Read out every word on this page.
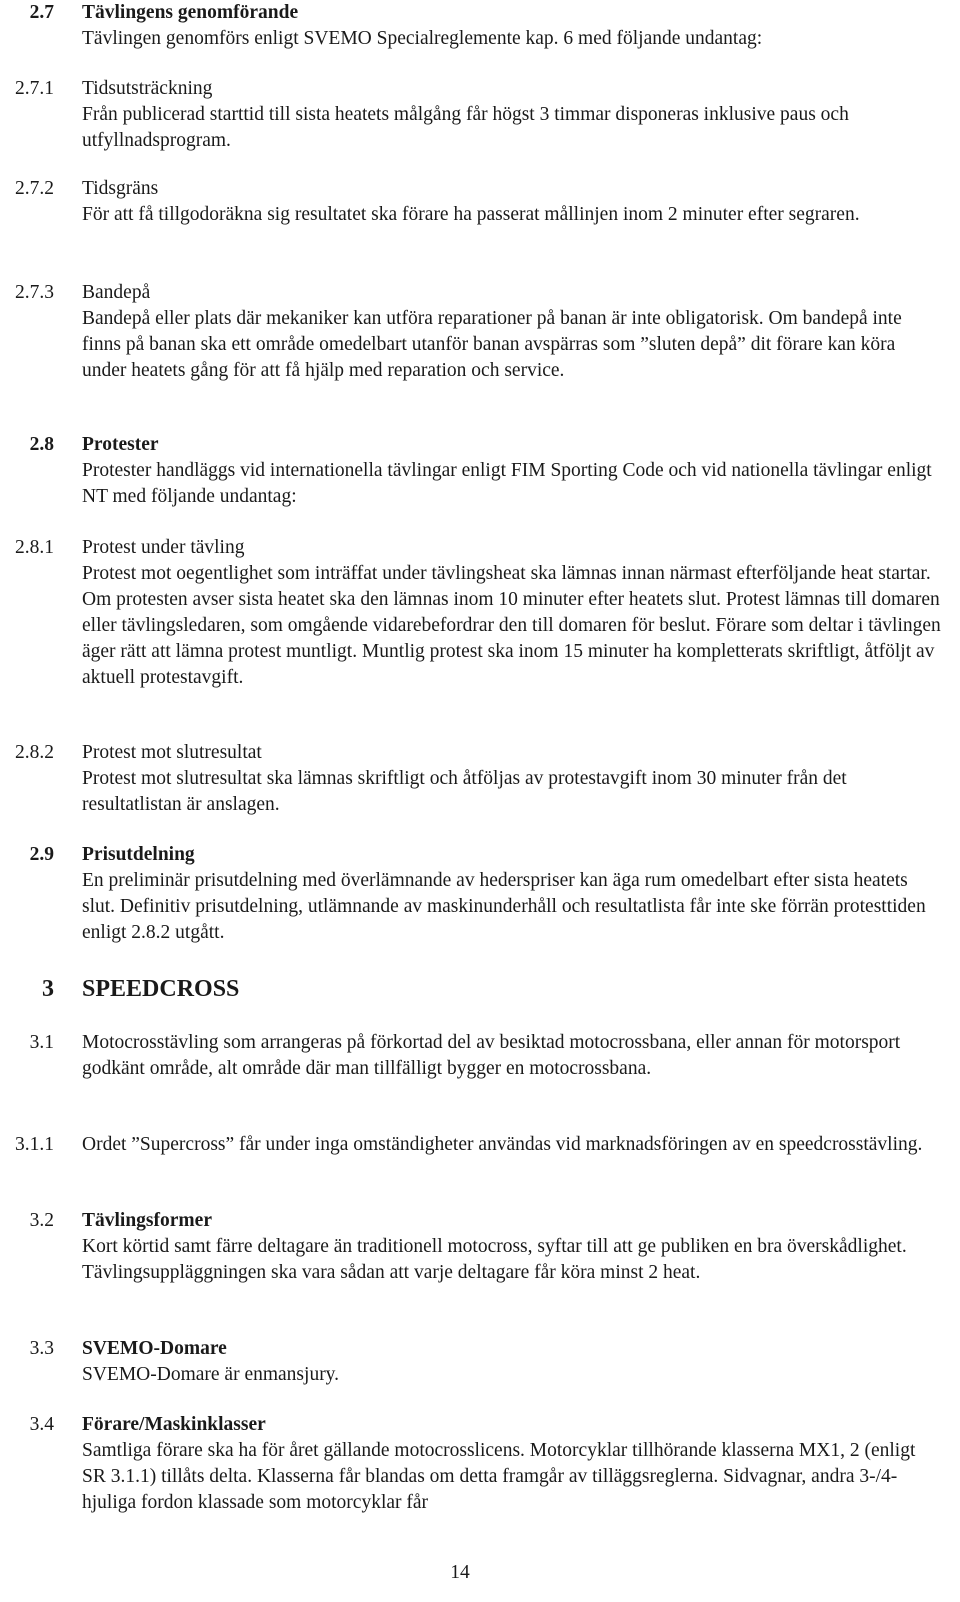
2.7 Tävlingens genomförande
Tävlingen genomförs enligt SVEMO Specialreglemente kap. 6 med följande undantag:
2.7.1 Tidsutsträckning
Från publicerad starttid till sista heatets målgång får högst 3 timmar disponeras inklusive paus och utfyllnadsprogram.
2.7.2 Tidsgräns
För att få tillgodoräkna sig resultatet ska förare ha passerat mållinjen inom 2 minuter efter segraren.
2.7.3 Bandepå
Bandepå eller plats där mekaniker kan utföra reparationer på banan är inte obligatorisk. Om bandepå inte finns på banan ska ett område omedelbart utanför banan avspärras som ”sluten depå” dit förare kan köra under heatets gång för att få hjälp med reparation och service.
2.8 Protester
Protester handläggs vid internationella tävlingar enligt FIM Sporting Code och vid nationella tävlingar enligt NT med följande undantag:
2.8.1 Protest under tävling
Protest mot oegentlighet som inträffat under tävlingsheat ska lämnas innan närmast efterföljande heat startar. Om protesten avser sista heatet ska den lämnas inom 10 minuter efter heatets slut. Protest lämnas till domaren eller tävlingsledaren, som omgående vidarebefordrar den till domaren för beslut. Förare som deltar i tävlingen äger rätt att lämna protest muntligt. Muntlig protest ska inom 15 minuter ha kompletterats skriftligt, åtföljt av aktuell protestavgift.
2.8.2 Protest mot slutresultat
Protest mot slutresultat ska lämnas skriftligt och åtföljas av protestavgift inom 30 minuter från det resultatlistan är anslagen.
2.9 Prisutdelning
En preliminär prisutdelning med överlämnande av hederspriser kan äga rum omedelbart efter sista heatets slut. Definitiv prisutdelning, utlämnande av maskinunderhåll och resultatlista får inte ske förrän protesttiden enligt 2.8.2 utgått.
3 SPEEDCROSS
3.1 Motocrosstävling som arrangeras på förkortad del av besiktad motocrossbana, eller annan för motorsport godkänt område, alt område där man tillfälligt bygger en motocrossbana.
3.1.1 Ordet ”Supercross” får under inga omständigheter användas vid marknadsföringen av en speedcrosstävling.
3.2 Tävlingsformer
Kort körtid samt färre deltagare än traditionell motocross, syftar till att ge publiken en bra överskådlighet. Tävlingsuppläggningen ska vara sådan att varje deltagare får köra minst 2 heat.
3.3 SVEMO-Domare
SVEMO-Domare är enmansjury.
3.4 Förare/Maskinklasser
Samtliga förare ska ha för året gällande motocrosslicens. Motorcyklar tillhörande klasserna MX1, 2 (enligt SR 3.1.1) tillåts delta. Klasserna får blandas om detta framgår av tilläggsreglerna. Sidvagnar, andra 3-/4-hjuliga fordon klassade som motorcyklar får
14
